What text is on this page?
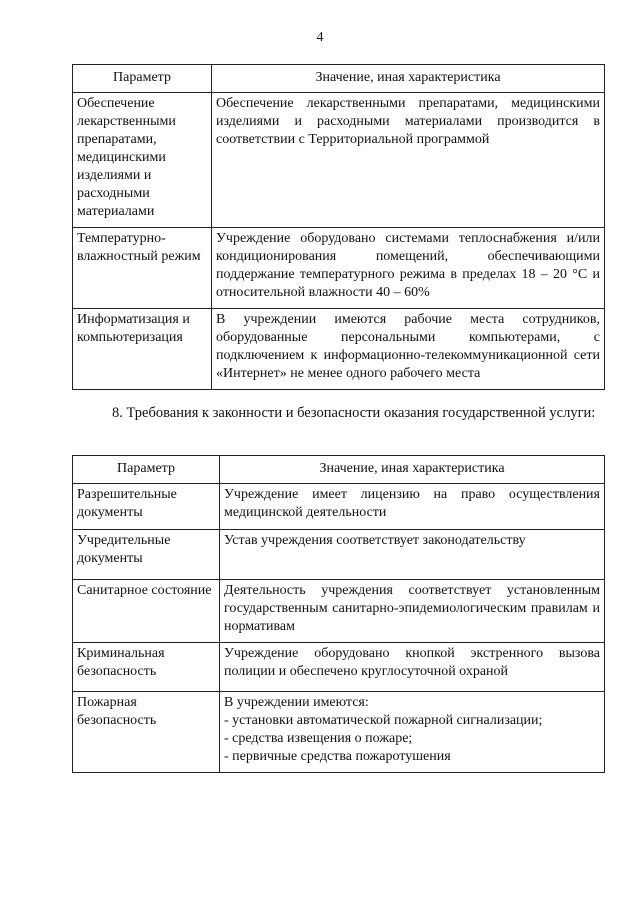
4
Параметр	Значение, иная характеристика
Обеспечение лекарственными препаратами, медицинскими изделиями и расходными материалами	Обеспечение лекарственными препаратами, медицинскими изделиями и расходными материалами производится в соответствии с Территориальной программой
Температурно-влажностный режим	Учреждение оборудовано системами теплоснабжения и/или кондиционирования помещений, обеспечивающими поддержание температурного режима в пределах 18 – 20 °С и относительной влажности 40 – 60%
Информатизация и компьютеризация	В учреждении имеются рабочие места сотрудников, оборудованные персональными компьютерами, с подключением к информационно-телекоммуникационной сети «Интернет» не менее одного рабочего места
8. Требования к законности и безопасности оказания государственной услуги:
Параметр	Значение, иная характеристика
Разрешительные документы	Учреждение имеет лицензию на право осуществления медицинской деятельности
Учредительные документы	Устав учреждения соответствует законодательству
Санитарное состояние	Деятельность учреждения соответствует установленным государственным санитарно-эпидемиологическим правилам и нормативам
Криминальная безопасность	Учреждение оборудовано кнопкой экстренного вызова полиции и обеспечено круглосуточной охраной
Пожарная безопасность	В учреждении имеются:
- установки автоматической пожарной сигнализации;
- средства извещения о пожаре;
- первичные средства пожаротушения
